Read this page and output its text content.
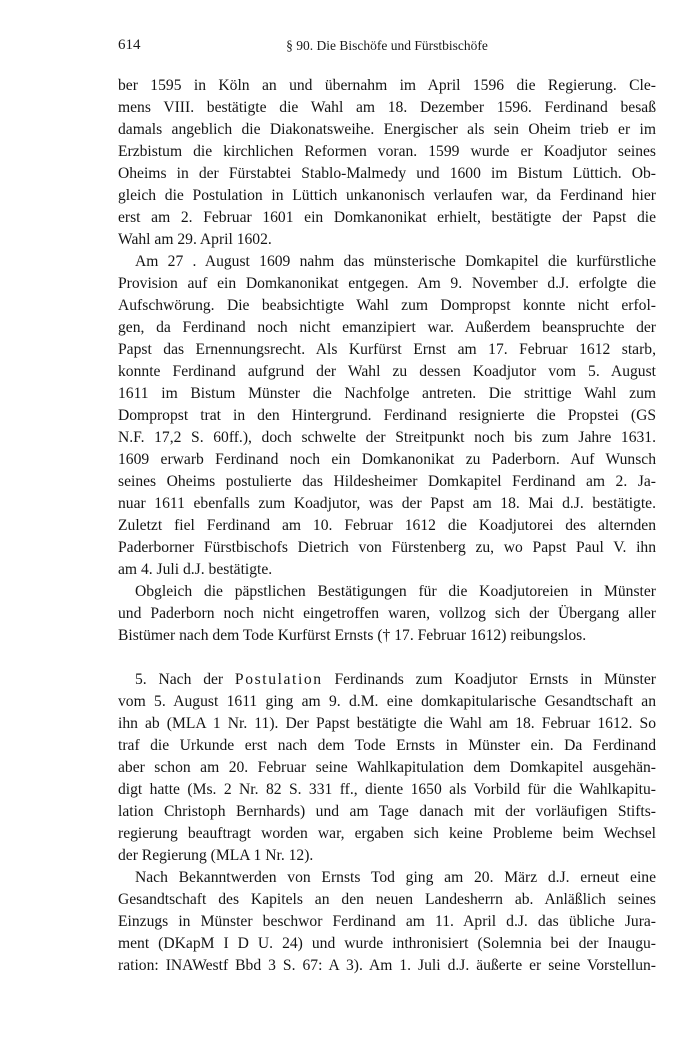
614	§ 90. Die Bischöfe und Fürstbischöfe
ber 1595 in Köln an und übernahm im April 1596 die Regierung. Cle-
mens VIII. bestätigte die Wahl am 18. Dezember 1596. Ferdinand besaß
damals angeblich die Diakonatsweihe. Energischer als sein Oheim trieb er im
Erzbistum die kirchlichen Reformen voran. 1599 wurde er Koadjutor seines
Oheims in der Fürstabtei Stablo-Malmedy und 1600 im Bistum Lüttich. Ob-
gleich die Postulation in Lüttich unkanonisch verlaufen war, da Ferdinand hier
erst am 2. Februar 1601 ein Domkanonikat erhielt, bestätigte der Papst die
Wahl am 29. April 1602.
Am 27 . August 1609 nahm das münsterische Domkapitel die kurfürstliche
Provision auf ein Domkanonikat entgegen. Am 9. November d.J. erfolgte die
Aufschwörung. Die beabsichtigte Wahl zum Dompropst konnte nicht erfol-
gen, da Ferdinand noch nicht emanzipiert war. Außerdem beanspruchte der
Papst das Ernennungsrecht. Als Kurfürst Ernst am 17. Februar 1612 starb,
konnte Ferdinand aufgrund der Wahl zu dessen Koadjutor vom 5. August
1611 im Bistum Münster die Nachfolge antreten. Die strittige Wahl zum
Dompropst trat in den Hintergrund. Ferdinand resignierte die Propstei (GS
N.F. 17,2 S. 60ff.), doch schwelte der Streitpunkt noch bis zum Jahre 1631.
1609 erwarb Ferdinand noch ein Domkanonikat zu Paderborn. Auf Wunsch
seines Oheims postulierte das Hildesheimer Domkapitel Ferdinand am 2. Ja-
nuar 1611 ebenfalls zum Koadjutor, was der Papst am 18. Mai d.J. bestätigte.
Zuletzt fiel Ferdinand am 10. Februar 1612 die Koadjutorei des alternden
Paderborner Fürstbischofs Dietrich von Fürstenberg zu, wo Papst Paul V. ihn
am 4. Juli d.J. bestätigte.
Obgleich die päpstlichen Bestätigungen für die Koadjutoreien in Münster
und Paderborn noch nicht eingetroffen waren, vollzog sich der Übergang aller
Bistümer nach dem Tode Kurfürst Ernsts († 17. Februar 1612) reibungslos.
5. Nach der Postulation Ferdinands zum Koadjutor Ernsts in Münster
vom 5. August 1611 ging am 9. d.M. eine domkapitularische Gesandtschaft an
ihn ab (MLA 1 Nr. 11). Der Papst bestätigte die Wahl am 18. Februar 1612. So
traf die Urkunde erst nach dem Tode Ernsts in Münster ein. Da Ferdinand
aber schon am 20. Februar seine Wahlkapitulation dem Domkapitel ausgehän-
digt hatte (Ms. 2 Nr. 82 S. 331 ff., diente 1650 als Vorbild für die Wahlkapitu-
lation Christoph Bernhards) und am Tage danach mit der vorläufigen Stifts-
regierung beauftragt worden war, ergaben sich keine Probleme beim Wechsel
der Regierung (MLA 1 Nr. 12).
Nach Bekanntwerden von Ernsts Tod ging am 20. März d.J. erneut eine
Gesandtschaft des Kapitels an den neuen Landesherrn ab. Anläßlich seines
Einzugs in Münster beschwor Ferdinand am 11. April d.J. das übliche Jura-
ment (DKapM I D U. 24) und wurde inthronisiert (Solemnia bei der Inaugu-
ration: INAWestf Bbd 3 S. 67: A 3). Am 1. Juli d.J. äußerte er seine Vorstellun-
